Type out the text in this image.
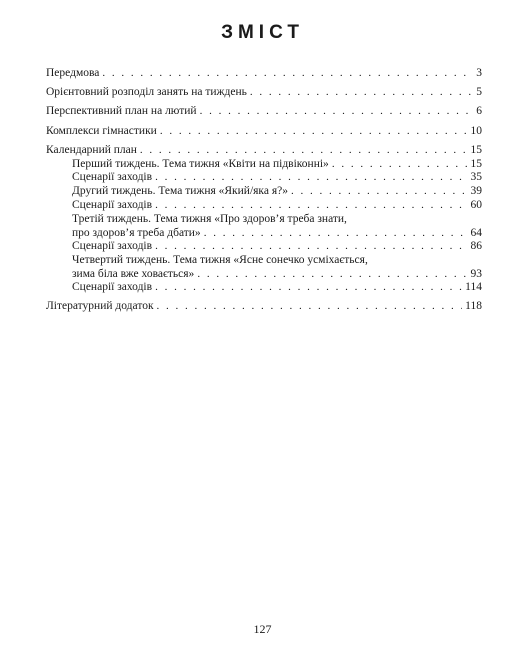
ЗМІСТ
Передмова . . .	3
Орієнтовний розподіл занять на тиждень . . .	5
Перспективний план на лютий . . .	6
Комплекси гімнастики . . .	10
Календарний план . . .	15
Перший тиждень. Тема тижня «Квіти на підвіконні» . . .	15
Сценарії заходів . . .	35
Другий тиждень. Тема тижня «Який/яка я?» . . .	39
Сценарії заходів . . .	60
Третій тиждень. Тема тижня «Про здоров’я треба знати,
про здоров’я треба дбати» . . .	64
Сценарії заходів . . .	86
Четвертий тиждень. Тема тижня «Ясне сонечко усміхається,
зима біла вже ховається» . . .	93
Сценарії заходів . . .	114
Літературний додаток . . .	118
127
